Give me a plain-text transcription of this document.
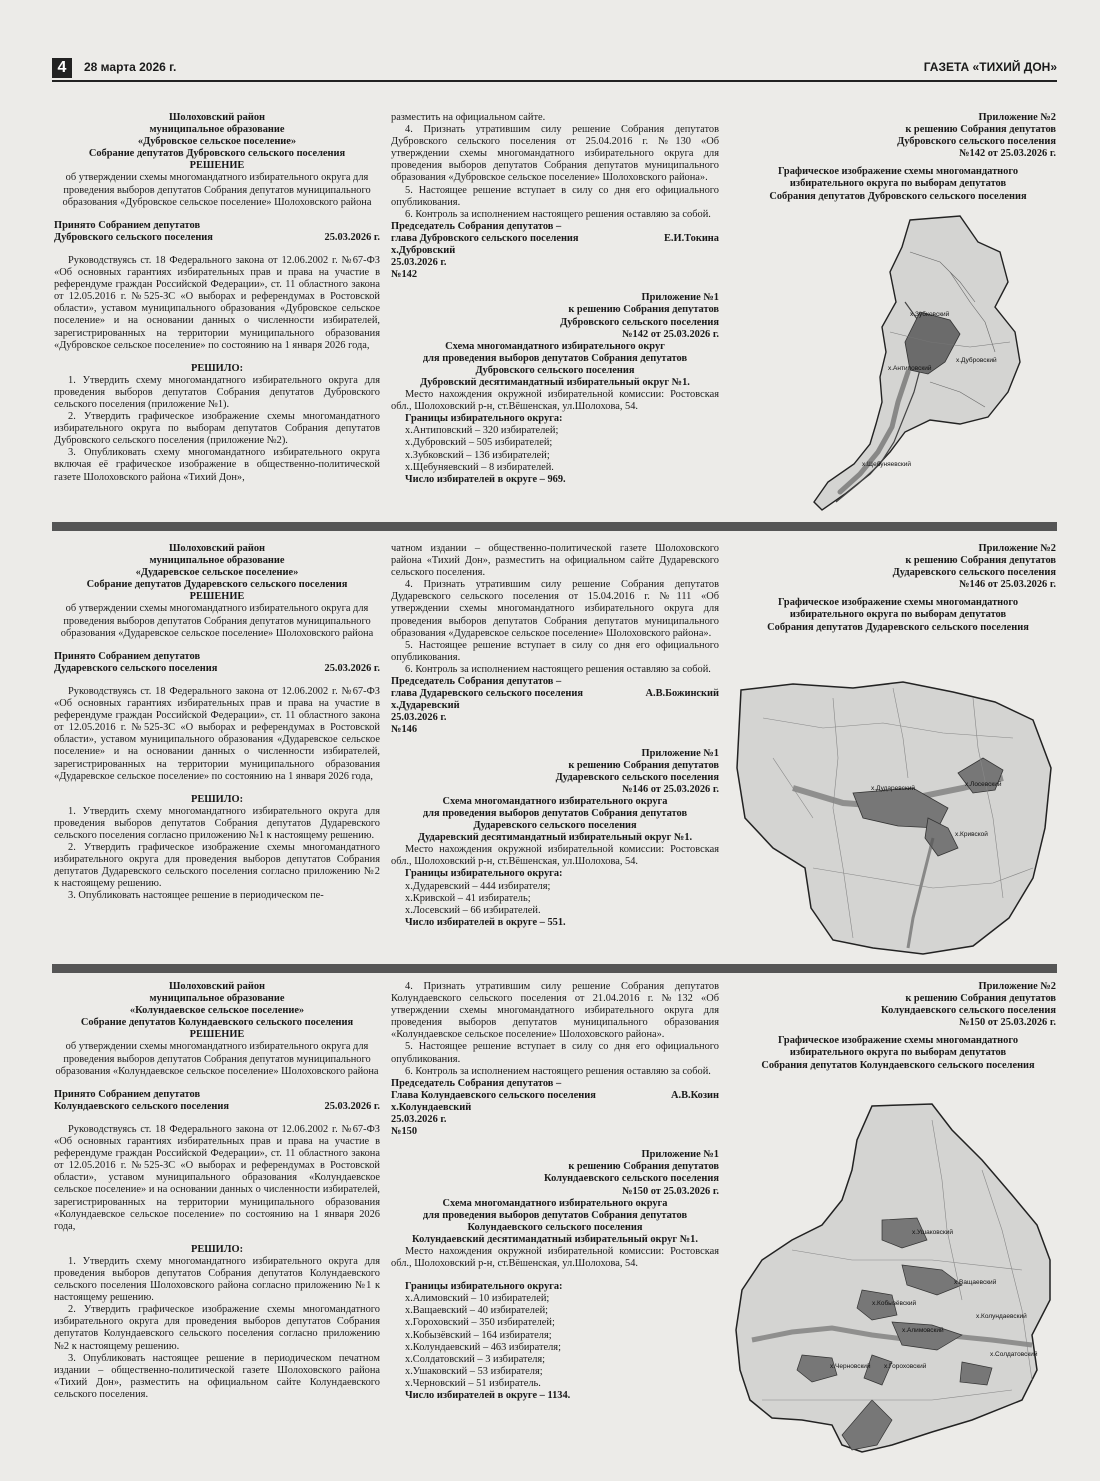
4	28 марта 2026 г.	ГАЗЕТА «ТИХИЙ ДОН»

Шолоховский район

муниципальное образование

«Дубровское сельское поселение»

Собрание депутатов Дубровского сельского поселения

РЕШЕНИЕ

об утверждении схемы многомандатного избирательного округа для проведения выборов депутатов Собрания депутатов муниципального образования «Дубровское сельское поселение» Шолоховского района

Принято Собранием депутатов

Дубровского сельского поселения	25.03.2026 г.

Руководствуясь ст. 18 Федерального закона от 12.06.2002 г. №67-ФЗ «Об основных гарантиях избирательных прав и права на участие в референдуме граждан Российской Федерации», ст. 11 областного закона от 12.05.2016 г. №525-ЗС «О выборах и референдумах в Ростовской области», уставом муниципального образования «Дубровское сельское поселение» и на основании данных о численности избирателей, зарегистрированных на территории муниципального образования «Дубровское сельское поселение» по состоянию на 1 января 2026 года,

РЕШИЛО:

1. Утвердить схему многомандатного избирательного округа для проведения выборов депутатов Собрания депутатов Дубровского сельского поселения (приложение №1).

2. Утвердить графическое изображение схемы многомандатного избирательного округа по выборам депутатов Собрания депутатов Дубровского сельского поселения (приложение №2).

3. Опубликовать схему многомандатного избирательного округа включая её графическое изображение в общественно-политической газете Шолоховского района «Тихий Дон»,

разместить на официальном сайте.

4. Признать утратившим силу решение Собрания депутатов Дубровского сельского поселения от 25.04.2016 г. №130 «Об утверждении схемы многомандатного избирательного округа для проведения выборов депутатов Собрания депутатов муниципального образования «Дубровское сельское поселение» Шолоховского района».

5. Настоящее решение вступает в силу со дня его официального опубликования.

6. Контроль за исполнением настоящего решения оставляю за собой.

Председатель Собрания депутатов –

глава Дубровского сельского поселения	Е.И.Токина

х.Дубровский

25.03.2026 г.

№142

Приложение №1

к решению Собрания депутатов

Дубровского сельского поселения

№142 от 25.03.2026 г.

Схема многомандатного избирательного округ

для проведения выборов депутатов Собрания депутатов

Дубровского сельского поселения

Дубровский десятимандатный избирательный округ №1.

Место нахождения окружной избирательной комиссии: Ростовская обл., Шолоховский р-н, ст.Вёшенская, ул.Шолохова, 54.

Границы избирательного округа:

х.Антиповский – 320 избирателей;

х.Дубровский – 505 избирателей;

х.Зубковский – 136 избирателей;

х.Щебуняевский – 8 избирателей.

Число избирателей в округе – 969.

Приложение №2

к решению Собрания депутатов

Дубровского сельского поселения

№142 от 25.03.2026 г.

Графическое изображение схемы многомандатного

избирательного округа по выборам депутатов

Собрания депутатов Дубровского сельского поселения

х.Зубковский
х.Дубровский
х.Антиповский
х.Щебуняевский

Шолоховский район

муниципальное образование

«Дударевское сельское поселение»

Собрание депутатов Дударевского сельского поселения

РЕШЕНИЕ

об утверждении схемы многомандатного избирательного округа для проведения выборов депутатов Собрания депутатов муниципального образования «Дударевское сельское поселение» Шолоховского района

Принято Собранием депутатов

Дударевского сельского поселения	25.03.2026 г.

Руководствуясь ст. 18 Федерального закона от 12.06.2002 г. №67-ФЗ «Об основных гарантиях избирательных прав и права на участие в референдуме граждан Российской Федерации», ст. 11 областного закона от 12.05.2016 г. №525-ЗС «О выборах и референдумах в Ростовской области», уставом муниципального образования «Дударевское сельское поселение» и на основании данных о численности избирателей, зарегистрированных на территории муниципального образования «Дударевское сельское поселение» по состоянию на 1 января 2026 года,

РЕШИЛО:

1. Утвердить схему многомандатного избирательного округа для проведения выборов депутатов Собрания депутатов Дударевского сельского поселения согласно приложению №1 к настоящему решению.

2. Утвердить графическое изображение схемы многомандатного избирательного округа для проведения выборов депутатов Собрания депутатов Дударевского сельского поселения согласно приложению №2 к настоящему решению.

3. Опубликовать настоящее решение в периодическом пе-

чатном издании – общественно-политической газете Шолоховского района «Тихий Дон», разместить на официальном сайте Дударевского сельского поселения.

4. Признать утратившим силу решение Собрания депутатов Дударевского сельского поселения от 15.04.2016 г. №111 «Об утверждении схемы многомандатного избирательного округа для проведения выборов депутатов Собрания депутатов муниципального образования «Дударевское сельское поселение» Шолоховского района».

5. Настоящее решение вступает в силу со дня его официального опубликования.

6. Контроль за исполнением настоящего решения оставляю за собой.

Председатель Собрания депутатов –

глава Дударевского сельского поселения	А.В.Божинский

х.Дударевский

25.03.2026 г.

№146

Приложение №1

к решению Собрания депутатов

Дударевского сельского поселения

№146 от 25.03.2026 г.

Схема многомандатного избирательного округа

для проведения выборов депутатов Собрания депутатов

Дударевского сельского поселения

Дударевский десятимандатный избирательный округ №1.

Место нахождения окружной избирательной комиссии: Ростовская обл., Шолоховский р-н, ст.Вёшенская, ул.Шолохова, 54.

Границы избирательного округа:

х.Дударевский – 444 избирателя;

х.Кривской – 41 избиратель;

х.Лосевский – 66 избирателей.

Число избирателей в округе – 551.

Приложение №2

к решению Собрания депутатов

Дударевского сельского поселения

№146 от 25.03.2026 г.

Графическое изображение схемы многомандатного

избирательного округа по выборам депутатов

Собрания депутатов Дударевского сельского поселения

х.Дударевский
х.Лосевский
х.Кривской

Шолоховский район

муниципальное образование

«Колундаевское сельское поселение»

Собрание депутатов Колундаевского сельского поселения

РЕШЕНИЕ

об утверждении схемы многомандатного избирательного округа для проведения выборов депутатов Собрания депутатов муниципального образования «Колундаевское сельское поселение» Шолоховского района

Принято Собранием депутатов

Колундаевского сельского поселения	25.03.2026 г.

Руководствуясь ст. 18 Федерального закона от 12.06.2002 г. №67-ФЗ «Об основных гарантиях избирательных прав и права на участие в референдуме граждан Российской Федерации», ст. 11 областного закона от 12.05.2016 г. №525-ЗС «О выборах и референдумах в Ростовской области», уставом муниципального образования «Колундаевское сельское поселение» и на основании данных о численности избирателей, зарегистрированных на территории муниципального образования «Колундаевское сельское поселение» по состоянию на 1 января 2026 года,

РЕШИЛО:

1. Утвердить схему многомандатного избирательного округа для проведения выборов депутатов Собрания депутатов Колундаевского сельского поселения Шолоховского района согласно приложению №1 к настоящему решению.

2. Утвердить графическое изображение схемы многомандатного избирательного округа для проведения выборов депутатов Собрания депутатов Колундаевского сельского поселения согласно приложению №2 к настоящему решению.

3. Опубликовать настоящее решение в периодическом печатном издании – общественно-политической газете Шолоховского района «Тихий Дон», разместить на официальном сайте Колундаевского сельского поселения.

4. Признать утратившим силу решение Собрания депутатов Колундаевского сельского поселения от 21.04.2016 г. №132 «Об утверждении схемы многомандатного избирательного округа для проведения выборов депутатов муниципального образования «Колундаевское сельское поселение» Шолоховского района».

5. Настоящее решение вступает в силу со дня его официального опубликования.

6. Контроль за исполнением настоящего решения оставляю за собой.

Председатель Собрания депутатов –

Глава Колундаевского сельского поселения	А.В.Козин

х.Колундаевский

25.03.2026 г.

№150

Приложение №1

к решению Собрания депутатов

Колундаевского сельского поселения

№150 от 25.03.2026 г.

Схема многомандатного избирательного округа

для проведения выборов депутатов Собрания депутатов

Колундаевского сельского поселения

Колундаевский десятимандатный избирательный округ №1.

Место нахождения окружной избирательной комиссии: Ростовская обл., Шолоховский р-н, ст.Вёшенская, ул.Шолохова, 54.

Границы избирательного округа:

х.Алимовский – 10 избирателей;

х.Ващаевский – 40 избирателей;

х.Гороховский – 350 избирателей;

х.Кобызёвский – 164 избирателя;

х.Колундаевский – 463 избирателя;

х.Солдатовский – 3 избирателя;

х.Ушаковский – 53 избирателя;

х.Черновский – 51 избиратель.

Число избирателей в округе – 1134.

Приложение №2

к решению Собрания депутатов

Колундаевского сельского поселения

№150 от 25.03.2026 г.

Графическое изображение схемы многомандатного

избирательного округа по выборам депутатов

Собрания депутатов Колундаевского сельского поселения

х.Ушаковский
х.Ващаевский
х.Кобызёвский
х.Колундаевский
х.Алимовский
х.Черновский х.Гороховский
х.Солдатовский
